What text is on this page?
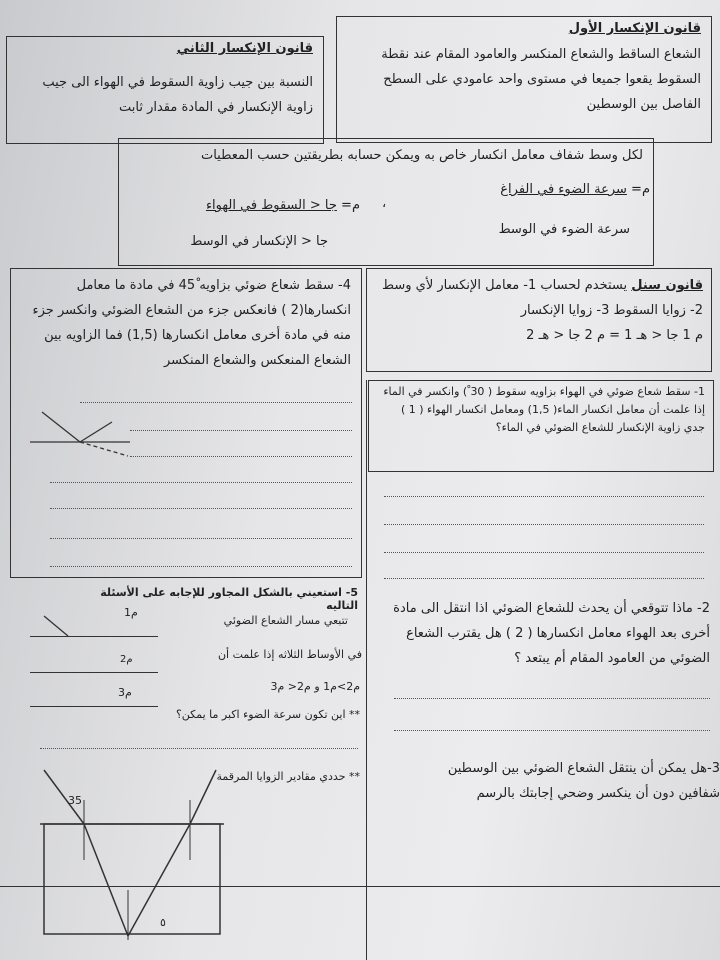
قانون الإنكسار الأول
الشعاع الساقط والشعاع المنكسر والعامود المقام عند نقطة السقوط يقعوا جميعا في مستوى واحد عامودي على السطح الفاصل بين الوسطين
قانون الإنكسار الثاني
النسبة بين جيب زاوية السقوط في الهواء الى جيب زاوية الإنكسار في المادة مقدار ثابت
لكل وسط شفاف معامل انكسار خاص به ويمكن حسابه بطريقتين حسب المعطيات
م= سرعة الضوء في الفراغ
سرعة الضوء في الوسط
،
م= جا < السقوط في الهواء
جا < الإنكسار في الوسط
قانون سنل يستخدم لحساب 1- معامل الإنكسار لأي وسط
2- زوايا السقوط 3- زوايا الإنكسار
م 1 جا < هـ 1 = م 2 جا < هـ 2
1- سقط شعاع ضوئي في الهواء بزاويه سقوط ( 30 ْ) وانكسر في الماء إذا علمت أن معامل انكسار الماء( 1,5) ومعامل انكسار الهواء ( 1 ) جدي زاوية الإنكسار للشعاع الضوئي في الماء؟
2- ماذا تتوقعي أن يحدث للشعاع الضوئي اذا انتقل الى مادة أخرى بعد الهواء معامل انكسارها ( 2 ) هل يقترب الشعاع الضوئي من العامود المقام أم يبتعد ؟
3-هل يمكن أن ينتقل الشعاع الضوئي بين الوسطين شفافين دون أن ينكسر وضحي إجابتك بالرسم
4- سقط شعاع ضوئي بزاويه 45ْ في مادة ما معامل انكسارها(2 ) فانعكس جزء من الشعاع الضوئي وانكسر جزء منه في مادة أخرى معامل انكسارها (1,5) فما الزاويه بين الشعاع المنعكس والشعاع المنكسر
5- استعيني بالشكل المجاور للإجابه على الأسئلة التاليه
م1
م2
م3
تتبعي مسار الشعاع الضوئي
في الأوساط الثلاثه إذا علمت أن
م2>م1 و م2< م3
** اين تكون سرعة الضوء اكبر ما يمكن؟
** حددي مقادير الزوايا المرقمة
35
٥
